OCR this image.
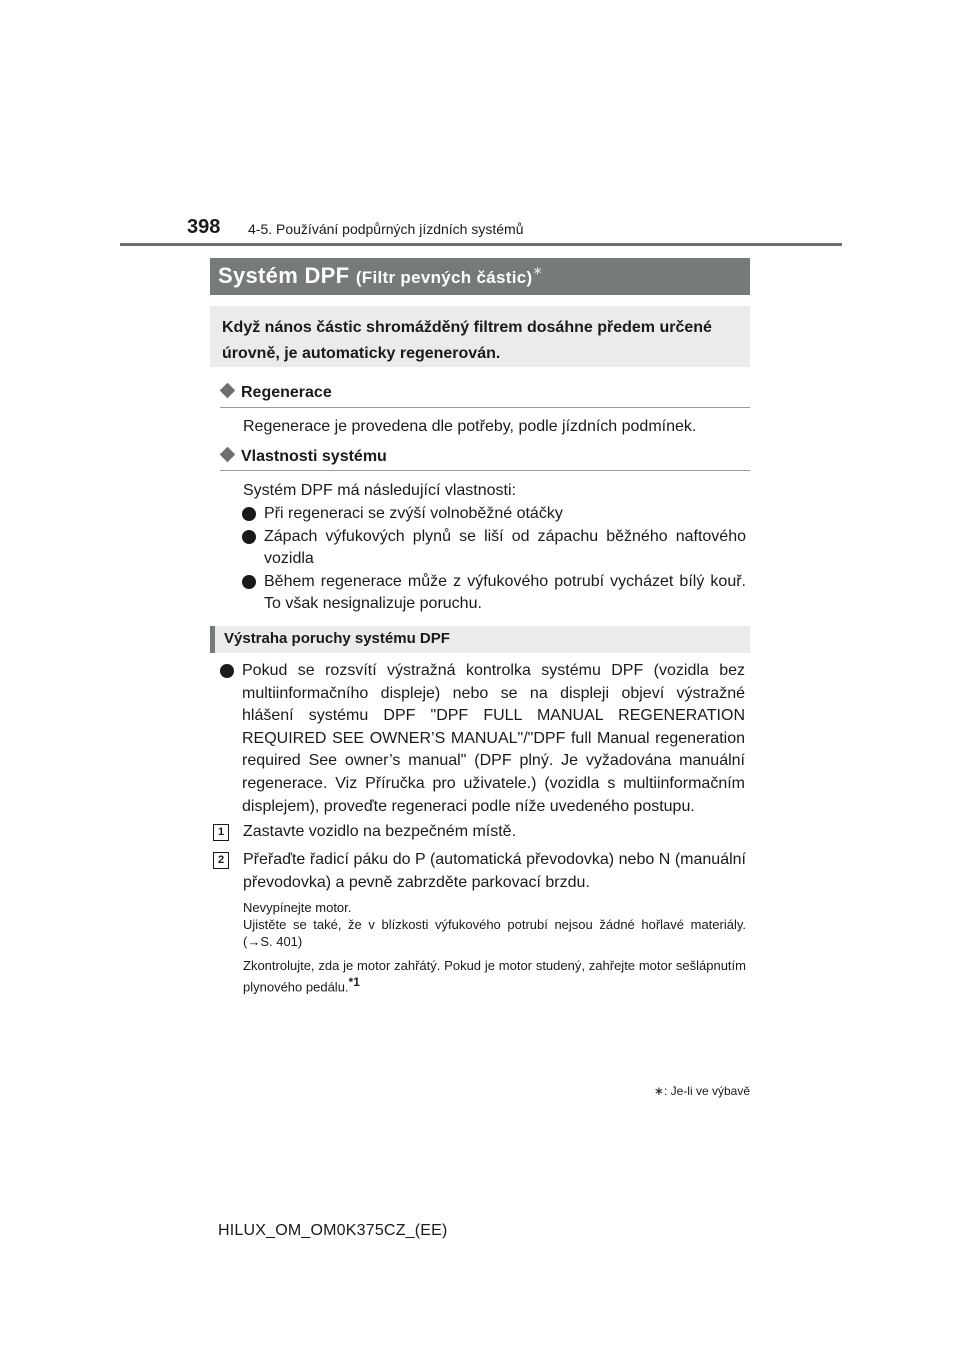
398 4-5. Používání podpůrných jízdních systémů
Systém DPF (Filtr pevných částic)∗
Když nános částic shromážděný filtrem dosáhne předem určené úrovně, je automaticky regenerován.
Regenerace
Regenerace je provedena dle potřeby, podle jízdních podmínek.
Vlastnosti systému
Systém DPF má následující vlastnosti:
Při regeneraci se zvýší volnoběžné otáčky
Zápach výfukových plynů se liší od zápachu běžného naftového vozidla
Během regenerace může z výfukového potrubí vycházet bílý kouř. To však nesignalizuje poruchu.
Výstraha poruchy systému DPF
Pokud se rozsvítí výstražná kontrolka systému DPF (vozidla bez multiinformačního displeje) nebo se na displeji objeví výstražné hlášení systému DPF "DPF FULL MANUAL REGENERATION REQUIRED SEE OWNER’S MANUAL"/"DPF full Manual regeneration required See owner’s manual" (DPF plný. Je vyžadována manuální regenerace. Viz Příručka pro uživatele.) (vozidla s multiinformačním displejem), proveďte regeneraci podle níže uvedeného postupu.
1	Zastavte vozidlo na bezpečném místě.
2	Přeřaďte řadicí páku do P (automatická převodovka) nebo N (manuální převodovka) a pevně zabrzděte parkovací brzdu.
Nevypínejte motor.
Ujistěte se také, že v blízkosti výfukového potrubí nejsou žádné hořlavé materiály. (→S. 401)
Zkontrolujte, zda je motor zahřátý. Pokud je motor studený, zahřejte motor sešlápnutím plynového pedálu.$^{*1}$
∗: Je-li ve výbavě
HILUX_OM_OM0K375CZ_(EE)
